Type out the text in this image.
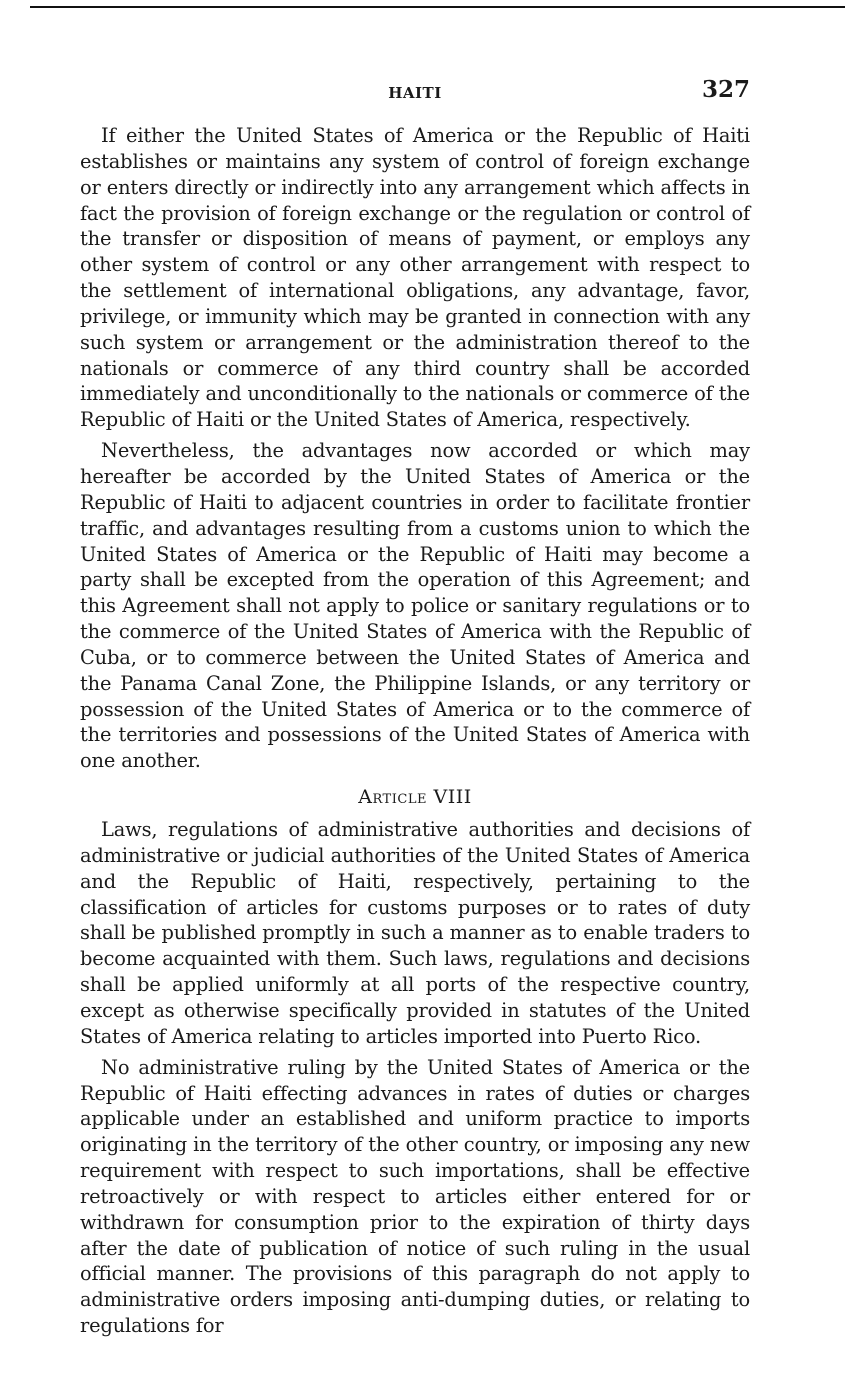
HAITI	327

If either the United States of America or the Republic of Haiti establishes or maintains any system of control of foreign exchange or enters directly or indirectly into any arrangement which affects in fact the provision of foreign exchange or the regulation or control of the transfer or disposition of means of payment, or employs any other system of control or any other arrangement with respect to the settlement of international obligations, any advantage, favor, privilege, or immunity which may be granted in connection with any such system or arrangement or the administration thereof to the nationals or commerce of any third country shall be accorded immediately and unconditionally to the nationals or commerce of the Republic of Haiti or the United States of America, respectively.

Nevertheless, the advantages now accorded or which may hereafter be accorded by the United States of America or the Republic of Haiti to adjacent countries in order to facilitate frontier traffic, and advantages resulting from a customs union to which the United States of America or the Republic of Haiti may become a party shall be excepted from the operation of this Agreement; and this Agreement shall not apply to police or sanitary regulations or to the commerce of the United States of America with the Republic of Cuba, or to commerce between the United States of America and the Panama Canal Zone, the Philippine Islands, or any territory or possession of the United States of America or to the commerce of the territories and possessions of the United States of America with one another.

Article VIII

Laws, regulations of administrative authorities and decisions of administrative or judicial authorities of the United States of America and the Republic of Haiti, respectively, pertaining to the classification of articles for customs purposes or to rates of duty shall be published promptly in such a manner as to enable traders to become acquainted with them. Such laws, regulations and decisions shall be applied uniformly at all ports of the respective country, except as otherwise specifically provided in statutes of the United States of America relating to articles imported into Puerto Rico.

No administrative ruling by the United States of America or the Republic of Haiti effecting advances in rates of duties or charges applicable under an established and uniform practice to imports originating in the territory of the other country, or imposing any new requirement with respect to such importations, shall be effective retroactively or with respect to articles either entered for or withdrawn for consumption prior to the expiration of thirty days after the date of publication of notice of such ruling in the usual official manner. The provisions of this paragraph do not apply to administrative orders imposing anti-dumping duties, or relating to regulations for
